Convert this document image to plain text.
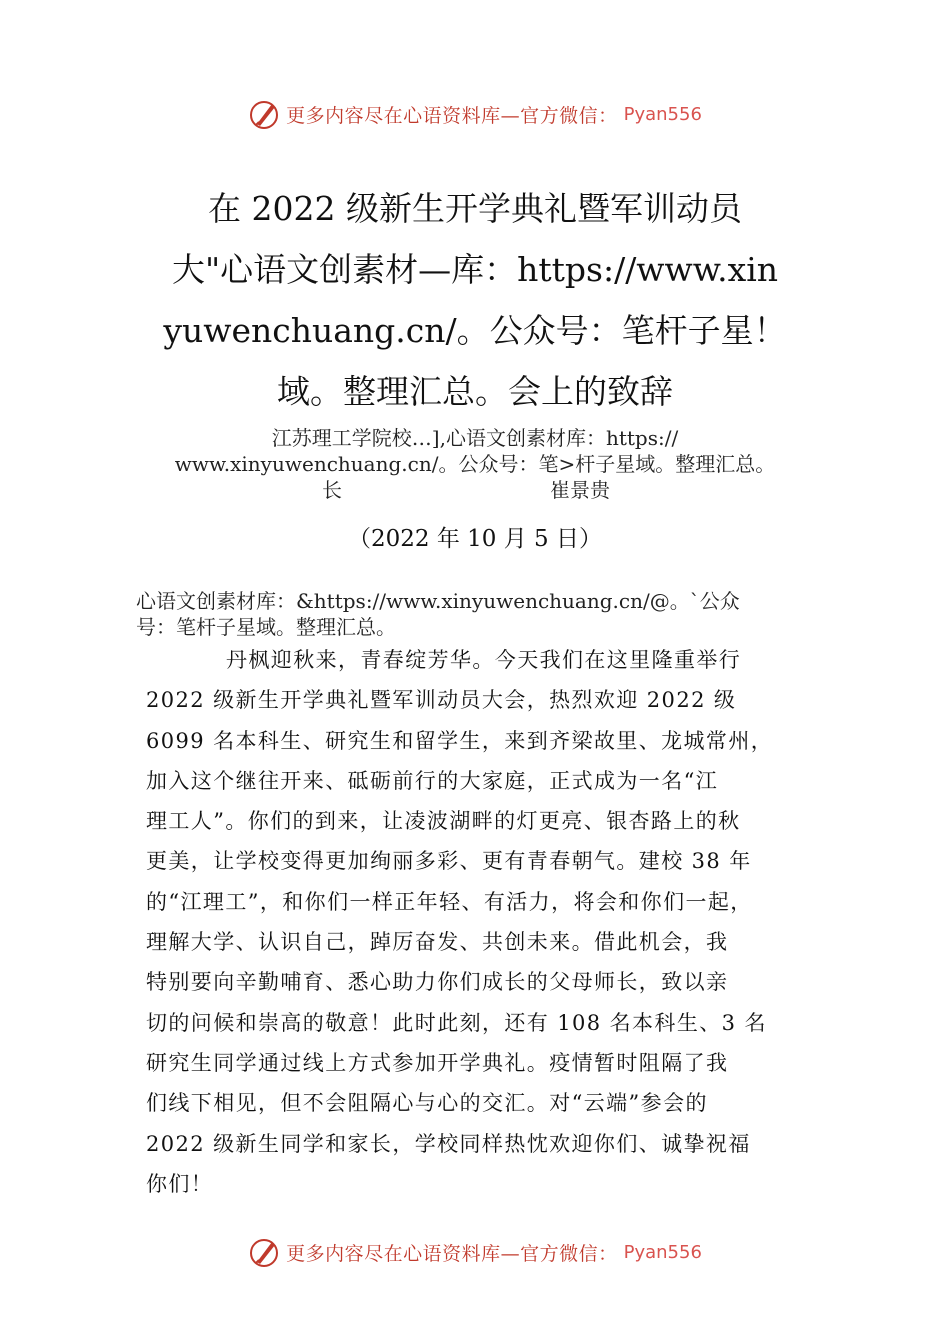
更多内容尽在心语资料库—官方微信： Pyan556
在 2022 级新生开学典礼暨军训动员
大"心语文创素材—库：https://www.xin
yuwenchuang.cn/。公众号：笔杆子星！
域。整理汇总。会上的致辞
江苏理工学院校…],心语文创素材库：https://
www.xinyuwenchuang.cn/。公众号：笔>杆子星域。整理汇总。
长	崔景贵
（2022 年 10 月 5 日）
心语文创素材库：&https://www.xinyuwenchuang.cn/@。`公众
号：笔杆子星域。整理汇总。
丹枫迎秋来，青春绽芳华。今天我们在这里隆重举行
2022 级新生开学典礼暨军训动员大会，热烈欢迎 2022 级
6099 名本科生、研究生和留学生，来到齐梁故里、龙城常州，
加入这个继往开来、砥砺前行的大家庭，正式成为一名“江
理工人”。你们的到来，让凌波湖畔的灯更亮、银杏路上的秋
更美，让学校变得更加绚丽多彩、更有青春朝气。建校 38 年
的“江理工”，和你们一样正年轻、有活力，将会和你们一起，
理解大学、认识自己，踔厉奋发、共创未来。借此机会，我
特别要向辛勤哺育、悉心助力你们成长的父母师长，致以亲
切的问候和崇高的敬意！此时此刻，还有 108 名本科生、3 名
研究生同学通过线上方式参加开学典礼。疫情暂时阻隔了我
们线下相见，但不会阻隔心与心的交汇。对“云端”参会的
2022 级新生同学和家长，学校同样热忱欢迎你们、诚挚祝福
你们！
更多内容尽在心语资料库—官方微信： Pyan556
